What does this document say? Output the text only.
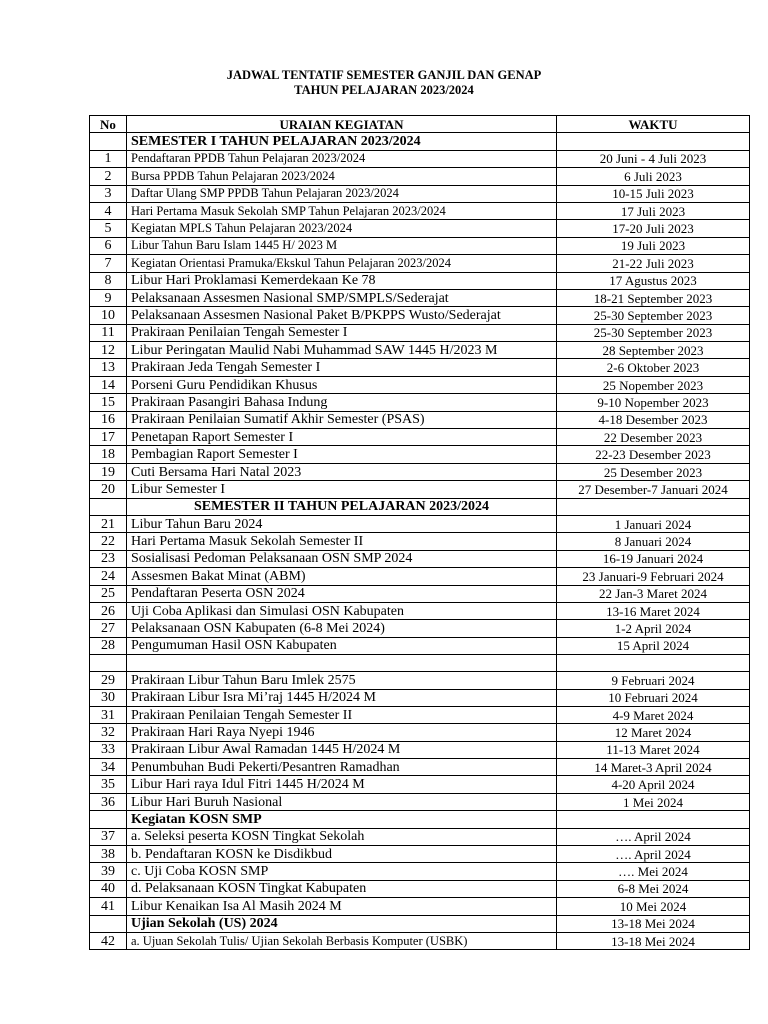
JADWAL TENTATIF SEMESTER GANJIL DAN GENAP
TAHUN PELAJARAN 2023/2024
No	URAIAN KEGIATAN	WAKTU
	SEMESTER I TAHUN PELAJARAN 2023/2024	
1	Pendaftaran PPDB Tahun Pelajaran 2023/2024	20 Juni - 4 Juli 2023
2	Bursa PPDB Tahun Pelajaran 2023/2024	6 Juli 2023
3	Daftar Ulang SMP PPDB Tahun Pelajaran 2023/2024	10-15 Juli 2023
4	Hari Pertama Masuk Sekolah SMP Tahun Pelajaran 2023/2024	17 Juli 2023
5	Kegiatan MPLS Tahun Pelajaran 2023/2024	17-20 Juli 2023
6	Libur Tahun Baru Islam 1445 H/ 2023 M	19 Juli 2023
7	Kegiatan Orientasi Pramuka/Ekskul Tahun Pelajaran 2023/2024	21-22 Juli 2023
8	Libur Hari Proklamasi Kemerdekaan Ke 78	17 Agustus 2023
9	Pelaksanaan Assesmen Nasional SMP/SMPLS/Sederajat	18-21 September 2023
10	Pelaksanaan Assesmen Nasional Paket B/PKPPS Wusto/Sederajat	25-30 September 2023
11	Prakiraan Penilaian Tengah Semester I	25-30 September 2023
12	Libur Peringatan Maulid Nabi Muhammad SAW 1445 H/2023 M	28 September 2023
13	Prakiraan Jeda Tengah Semester I	2-6 Oktober 2023
14	Porseni Guru Pendidikan Khusus	25 Nopember 2023
15	Prakiraan Pasangiri Bahasa Indung	9-10 Nopember 2023
16	Prakiraan Penilaian Sumatif Akhir Semester (PSAS)	4-18 Desember 2023
17	Penetapan Raport Semester I	22 Desember 2023
18	Pembagian Raport Semester I	22-23 Desember 2023
19	Cuti Bersama Hari Natal 2023	25 Desember 2023
20	Libur Semester I	27 Desember-7 Januari 2024
	SEMESTER II TAHUN PELAJARAN 2023/2024	
21	Libur Tahun Baru 2024	1 Januari 2024
22	Hari Pertama Masuk Sekolah Semester II	8 Januari 2024
23	Sosialisasi Pedoman Pelaksanaan OSN SMP 2024	16-19 Januari 2024
24	Assesmen Bakat Minat (ABM)	23 Januari-9 Februari 2024
25	Pendaftaran Peserta OSN 2024	22 Jan-3 Maret 2024
26	Uji Coba Aplikasi dan Simulasi OSN Kabupaten	13-16 Maret 2024
27	Pelaksanaan OSN Kabupaten (6-8 Mei 2024)	1-2 April 2024
28	Pengumuman Hasil OSN Kabupaten	15 April 2024

29	Prakiraan Libur Tahun Baru Imlek 2575	9 Februari 2024
30	Prakiraan Libur Isra Mi’raj 1445 H/2024 M	10 Februari 2024
31	Prakiraan Penilaian Tengah Semester II	4-9 Maret 2024
32	Prakiraan Hari Raya Nyepi 1946	12 Maret 2024
33	Prakiraan Libur Awal Ramadan 1445 H/2024 M	11-13 Maret 2024
34	Penumbuhan Budi Pekerti/Pesantren Ramadhan	14 Maret-3 April 2024
35	Libur Hari raya Idul Fitri 1445 H/2024 M	4-20 April 2024
36	Libur Hari Buruh Nasional	1 Mei 2024
	Kegiatan KOSN SMP	
37	a. Seleksi peserta KOSN Tingkat Sekolah	…. April 2024
38	b. Pendaftaran KOSN ke Disdikbud	…. April 2024
39	c. Uji Coba KOSN SMP	…. Mei 2024
40	d. Pelaksanaan KOSN Tingkat Kabupaten	6-8 Mei 2024
41	Libur Kenaikan Isa Al Masih 2024 M	10 Mei 2024
	Ujian Sekolah (US) 2024	13-18 Mei 2024
42	a. Ujuan Sekolah Tulis/ Ujian Sekolah Berbasis Komputer (USBK)	13-18 Mei 2024
